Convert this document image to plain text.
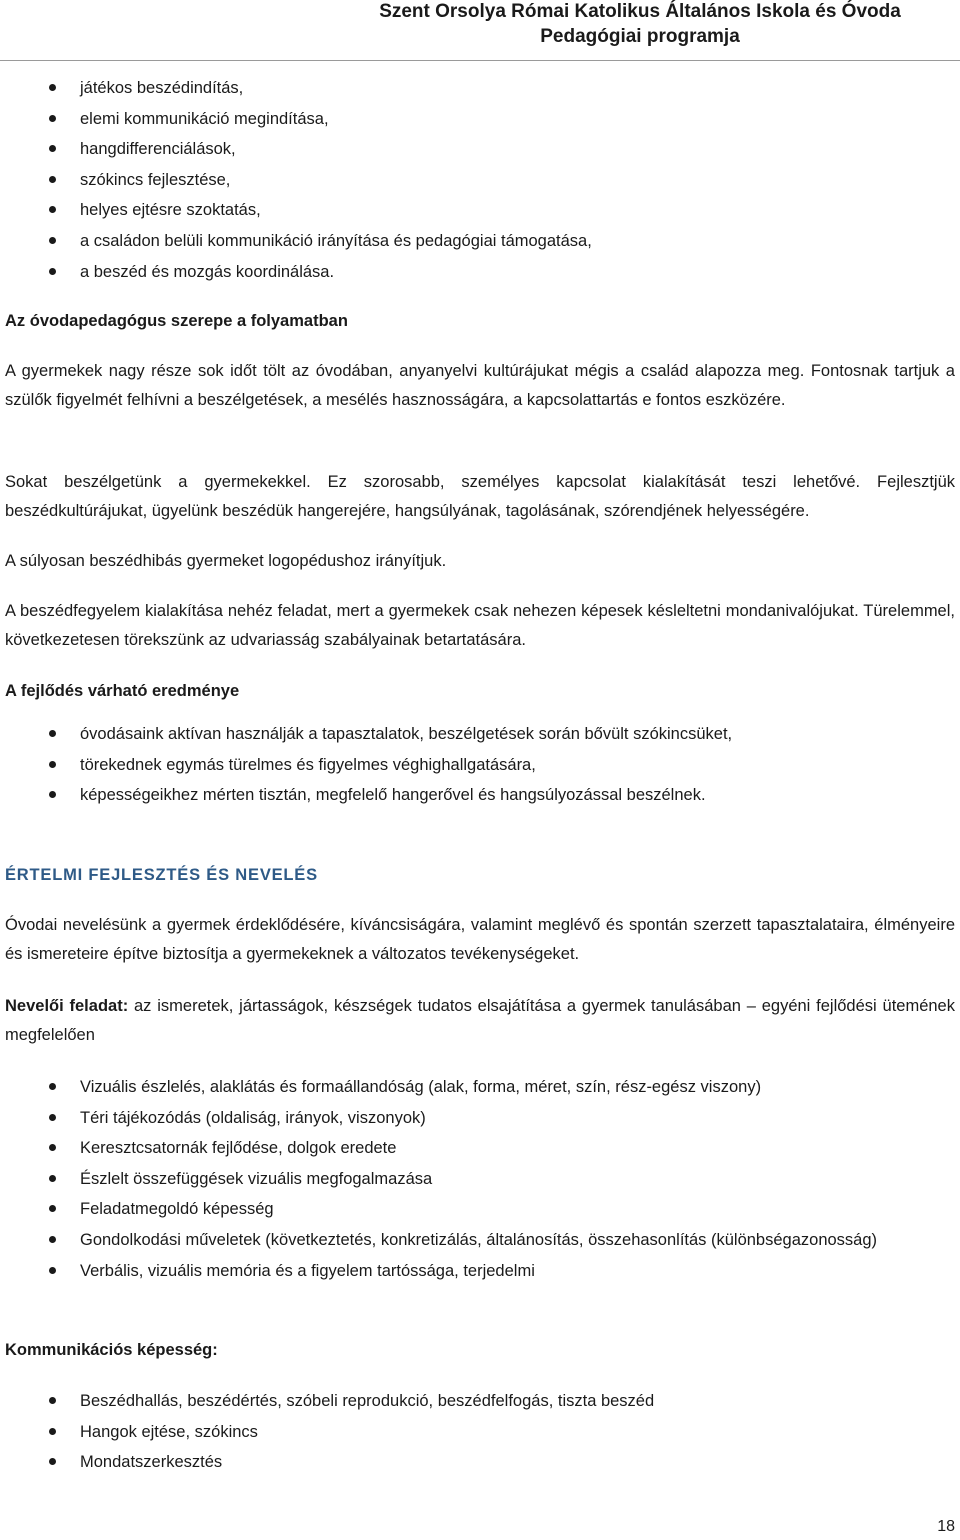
Szent Orsolya Római Katolikus Általános Iskola és Óvoda
Pedagógiai programja
játékos beszédindítás,
elemi kommunikáció megindítása,
hangdifferenciálások,
szókincs fejlesztése,
helyes ejtésre szoktatás,
a családon belüli kommunikáció irányítása és pedagógiai támogatása,
a beszéd és mozgás koordinálása.

Az óvodapedagógus szerepe a folyamatban

A gyermekek nagy része sok időt tölt az óvodában, anyanyelvi kultúrájukat mégis a család alapozza meg. Fontosnak tartjuk a szülők figyelmét felhívni a beszélgetések, a mesélés hasznosságára, a kapcsolattartás e fontos eszközére.

Sokat beszélgetünk a gyermekekkel. Ez szorosabb, személyes kapcsolat kialakítását teszi lehetővé. Fejlesztjük beszédkultúrájukat, ügyelünk beszédük hangerejére, hangsúlyának, tagolásának, szórendjének helyességére.

A súlyosan beszédhibás gyermeket logopédushoz irányítjuk.

A beszédfegyelem kialakítása nehéz feladat, mert a gyermekek csak nehezen képesek késleltetni mondanivalójukat. Türelemmel, következetesen törekszünk az udvariasság szabályainak betartatására.

A fejlődés várható eredménye

óvodásaink aktívan használják a tapasztalatok, beszélgetések során bővült szókincsüket,
törekednek egymás türelmes és figyelmes véghighallgatására,
képességeikhez mérten tisztán, megfelelő hangerővel és hangsúlyozással beszélnek.
ÉRTELMI FEJLESZTÉS ÉS NEVELÉS

Óvodai nevelésünk a gyermek érdeklődésére, kíváncsiságára, valamint meglévő és spontán szerzett tapasztalataira, élményeire és ismereteire építve biztosítja a gyermekeknek a változatos tevékenységeket.

Nevelői feladat: az ismeretek, jártasságok, készségek tudatos elsajátítása a gyermek tanulásában – egyéni fejlődési ütemének megfelelően

Vizuális észlelés, alaklátás és formaállandóság (alak, forma, méret, szín, rész-egész viszony)
Téri tájékozódás (oldaliság, irányok, viszonyok)
Keresztcsatornák fejlődése, dolgok eredete
Észlelt összefüggések vizuális megfogalmazása
Feladatmegoldó képesség
Gondolkodási műveletek (következtetés, konkretizálás, általánosítás, összehasonlítás (különbségazonosság)
Verbális, vizuális memória és a figyelem tartóssága, terjedelmi

Kommunikációs képesség:

Beszédhallás, beszédértés, szóbeli reprodukció, beszédfelfogás, tiszta beszéd
Hangok ejtése, szókincs
Mondatszerkesztés
18
